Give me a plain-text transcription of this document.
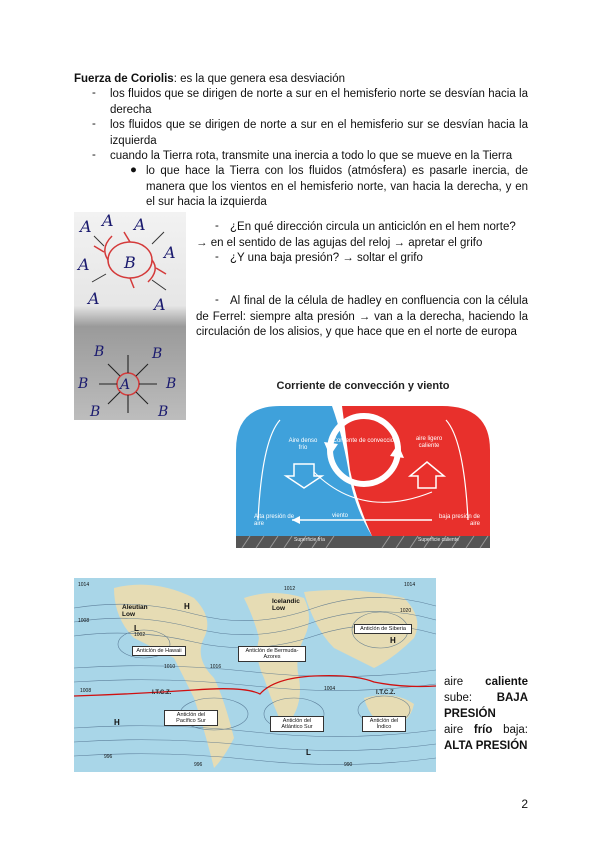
Fuerza de Coriolis: es la que genera esa desviación
- los fluidos que se dirigen de norte a sur en el hemisferio norte se desvían hacia la derecha
- los fluidos que se dirigen de norte a sur en el hemisferio sur se desvían hacia la izquierda
- cuando la Tierra rota, transmite una inercia a todo lo que se mueve en la Tierra
● lo que hace la Tierra con los fluidos (atmósfera) es pasarle inercia, de manera que los vientos en el hemisferio norte, van hacia la derecha, y en el sur hacia la izquierda
A A A
A
A
B
A	A
A
B	B
B	B
B	B
- ¿En qué dirección circula un anticiclón en el hem norte? → en el sentido de las agujas del reloj → apretar el grifo
- ¿Y una baja presión? → soltar el grifo
- Al final de la célula de hadley en confluencia con la célula de Ferrel: siempre alta presión → van a la derecha, haciendo la circulación de los alisios, y que hace que en el norte de europa
Corriente de convección y viento
Corriente de convección
Aire denso frío
aire ligero caliente
Alta presión de aire
baja presión de aire
viento
Superficie fría	Superficie caliente
Aleutian Low
Icelandic Low
Anticlón de Hawaii	Anticlón de Bermuda-Azores
Anticlón de Siberia
Anticlón del Pacífico Sur	Anticlón del Atlántico Sur
Anticlón del Índico
I.T.C.Z.	I.T.C.Z.
H
H
H
L
L
1014	1014
1008
1002
996
1020
1012
1016
1010
1008
996	990
1004
aire caliente
sube: BAJA
PRESIÓN
aire frío baja:
ALTA PRESIÓN
2
